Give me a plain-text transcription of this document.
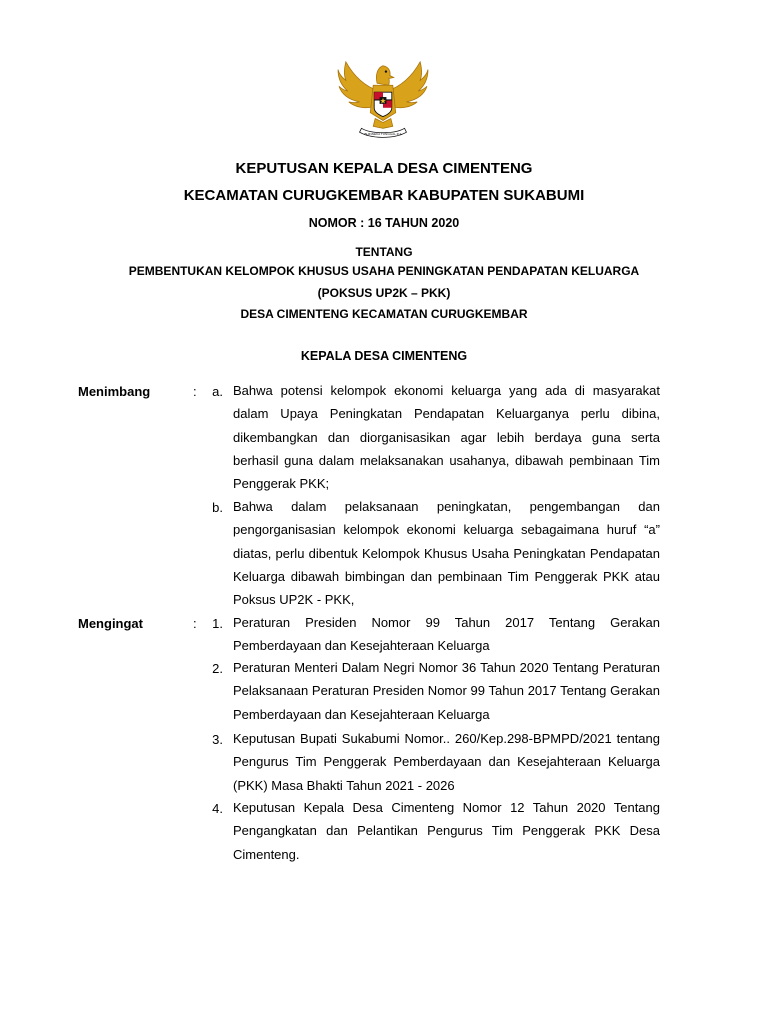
BHINNEKA TUNGGAL IKA
KEPUTUSAN KEPALA DESA CIMENTENG
KECAMATAN CURUGKEMBAR KABUPATEN SUKABUMI
NOMOR : 16 TAHUN 2020
TENTANG
PEMBENTUKAN KELOMPOK KHUSUS USAHA PENINGKATAN PENDAPATAN KELUARGA
(POKSUS UP2K – PKK)
DESA CIMENTENG KECAMATAN CURUGKEMBAR
KEPALA DESA CIMENTENG
Menimbang	:	a. Bahwa potensi kelompok ekonomi keluarga yang ada di masyarakat dalam Upaya Peningkatan Pendapatan Keluarganya perlu dibina, dikembangkan dan diorganisasikan agar lebih berdaya guna serta berhasil guna dalam melaksanakan usahanya, dibawah pembinaan Tim Penggerak PKK;

b. Bahwa dalam pelaksanaan peningkatan, pengembangan dan pengorganisasian kelompok ekonomi keluarga sebagaimana huruf “a” diatas, perlu dibentuk Kelompok Khusus Usaha Peningkatan Pendapatan Keluarga dibawah bimbingan dan pembinaan Tim Penggerak PKK atau Poksus UP2K - PKK,

Mengingat	:	1. Peraturan Presiden Nomor 99 Tahun 2017 Tentang Gerakan Pemberdayaan dan Kesejahteraan Keluarga

2. Peraturan Menteri Dalam Negri Nomor 36 Tahun 2020 Tentang Peraturan Pelaksanaan Peraturan Presiden Nomor 99 Tahun 2017 Tentang Gerakan Pemberdayaan dan Kesejahteraan Keluarga

3. Keputusan Bupati Sukabumi Nomor.. 260/Kep.298-BPMPD/2021 tentang Pengurus Tim Penggerak Pemberdayaan dan Kesejahteraan Keluarga (PKK) Masa Bhakti Tahun 2021 - 2026

4. Keputusan Kepala Desa Cimenteng Nomor 12 Tahun 2020 Tentang Pengangkatan dan Pelantikan Pengurus Tim Penggerak PKK Desa Cimenteng.
